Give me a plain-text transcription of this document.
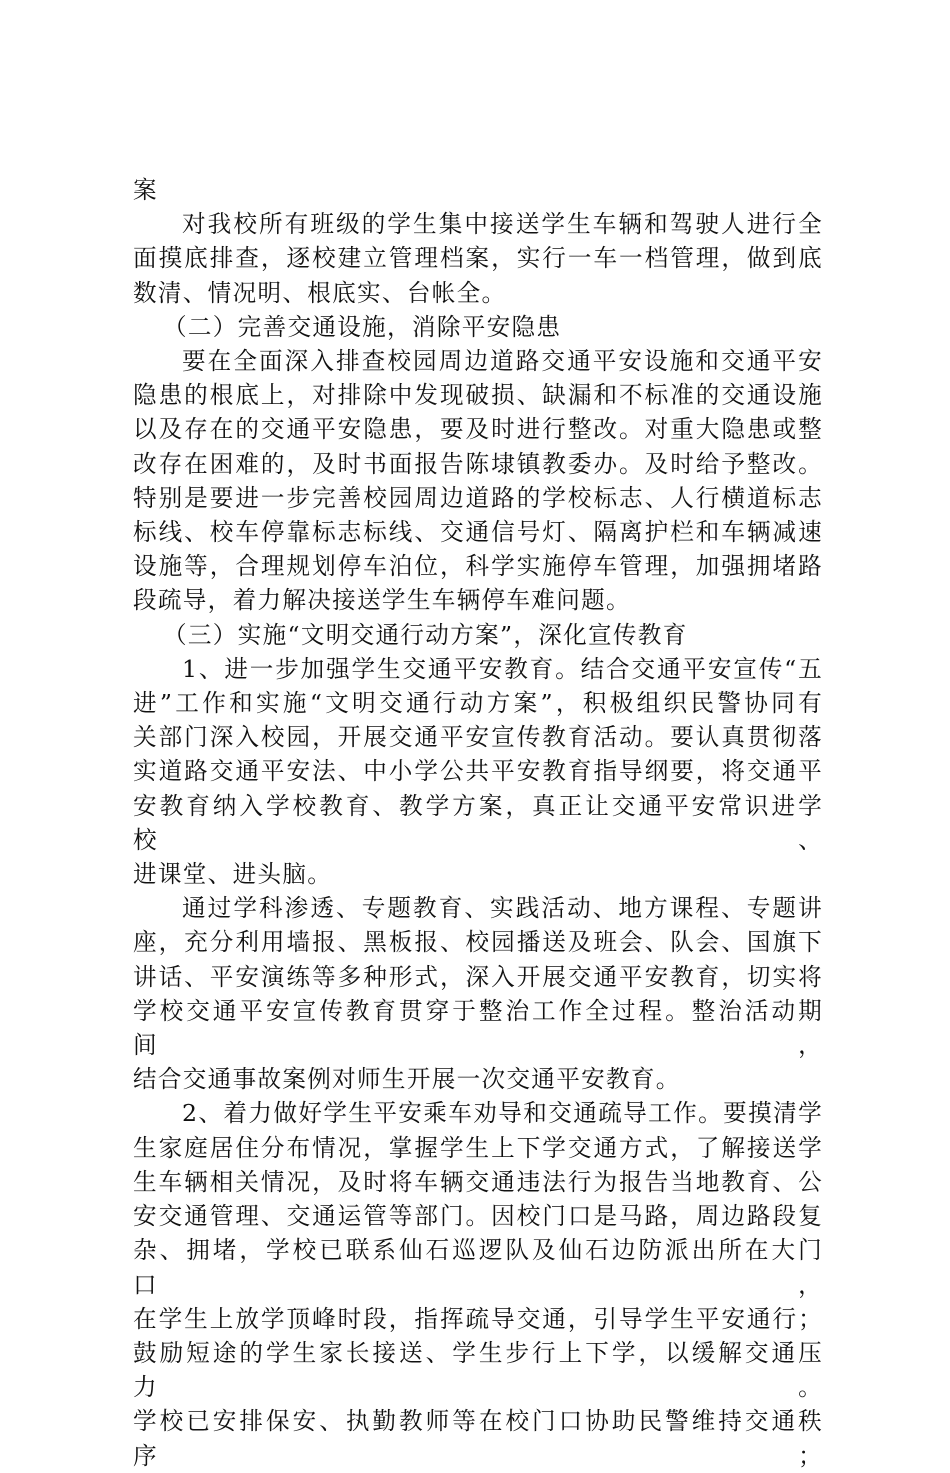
案
对我校所有班级的学生集中接送学生车辆和驾驶人进行全
面摸底排查，逐校建立管理档案，实行一车一档管理，做到底
数清、情况明、根底实、台帐全。
（二）完善交通设施，消除平安隐患
要在全面深入排查校园周边道路交通平安设施和交通平安
隐患的根底上，对排除中发现破损、缺漏和不标准的交通设施
以及存在的交通平安隐患，要及时进行整改。对重大隐患或整
改存在困难的，及时书面报告陈埭镇教委办。及时给予整改。
特别是要进一步完善校园周边道路的学校标志、人行横道标志
标线、校车停靠标志标线、交通信号灯、隔离护栏和车辆减速
设施等，合理规划停车泊位，科学实施停车管理，加强拥堵路
段疏导，着力解决接送学生车辆停车难问题。
（三）实施“文明交通行动方案”，深化宣传教育
1、进一步加强学生交通平安教育。结合交通平安宣传“五
进”工作和实施“文明交通行动方案”，积极组织民警协同有
关部门深入校园，开展交通平安宣传教育活动。要认真贯彻落
实道路交通平安法、中小学公共平安教育指导纲要，将交通平
安教育纳入学校教育、教学方案，真正让交通平安常识进学校、
进课堂、进头脑。
通过学科渗透、专题教育、实践活动、地方课程、专题讲
座，充分利用墙报、黑板报、校园播送及班会、队会、国旗下
讲话、平安演练等多种形式，深入开展交通平安教育，切实将
学校交通平安宣传教育贯穿于整治工作全过程。整治活动期间，
结合交通事故案例对师生开展一次交通平安教育。
2、着力做好学生平安乘车劝导和交通疏导工作。要摸清学
生家庭居住分布情况，掌握学生上下学交通方式，了解接送学
生车辆相关情况，及时将车辆交通违法行为报告当地教育、公
安交通管理、交通运管等部门。因校门口是马路，周边路段复
杂、拥堵，学校已联系仙石巡逻队及仙石边防派出所在大门口，
在学生上放学顶峰时段，指挥疏导交通，引导学生平安通行；
鼓励短途的学生家长接送、学生步行上下学，以缓解交通压力。
学校已安排保安、执勤教师等在校门口协助民警维持交通秩序；
